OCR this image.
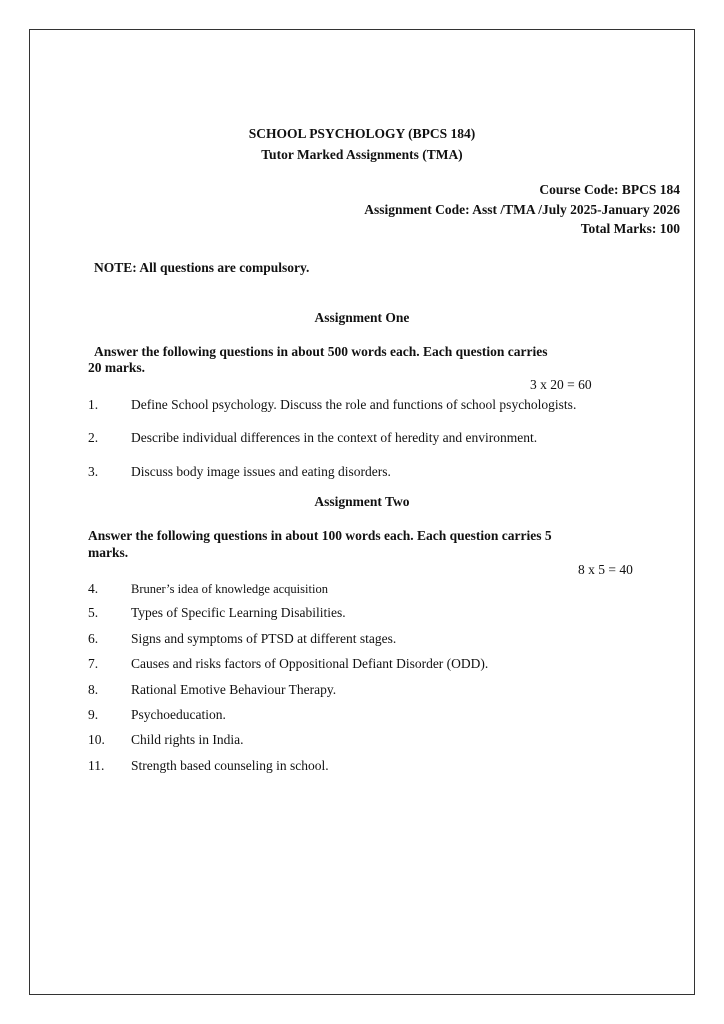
SCHOOL PSYCHOLOGY (BPCS 184)
Tutor Marked Assignments (TMA)
Course Code: BPCS 184
Assignment Code: Asst /TMA /July 2025-January 2026
Total Marks: 100
NOTE: All questions are compulsory.
Assignment One
Answer the following questions in about 500 words each. Each question carries
20 marks.
3 x 20 = 60
1. Define School psychology. Discuss the role and functions of school psychologists.
2. Describe individual differences in the context of heredity and environment.
3. Discuss body image issues and eating disorders.
Assignment Two
Answer the following questions in about 100 words each. Each question carries 5
marks.
8 x 5 = 40
4.	Bruner’s idea of knowledge acquisition
5. Types of Specific Learning Disabilities.
6. Signs and symptoms of PTSD at different stages.
7. Causes and risks factors of Oppositional Defiant Disorder (ODD).
8. Rational Emotive Behaviour Therapy.
9. Psychoeducation.
10. Child rights in India.
11. Strength based counseling in school.
